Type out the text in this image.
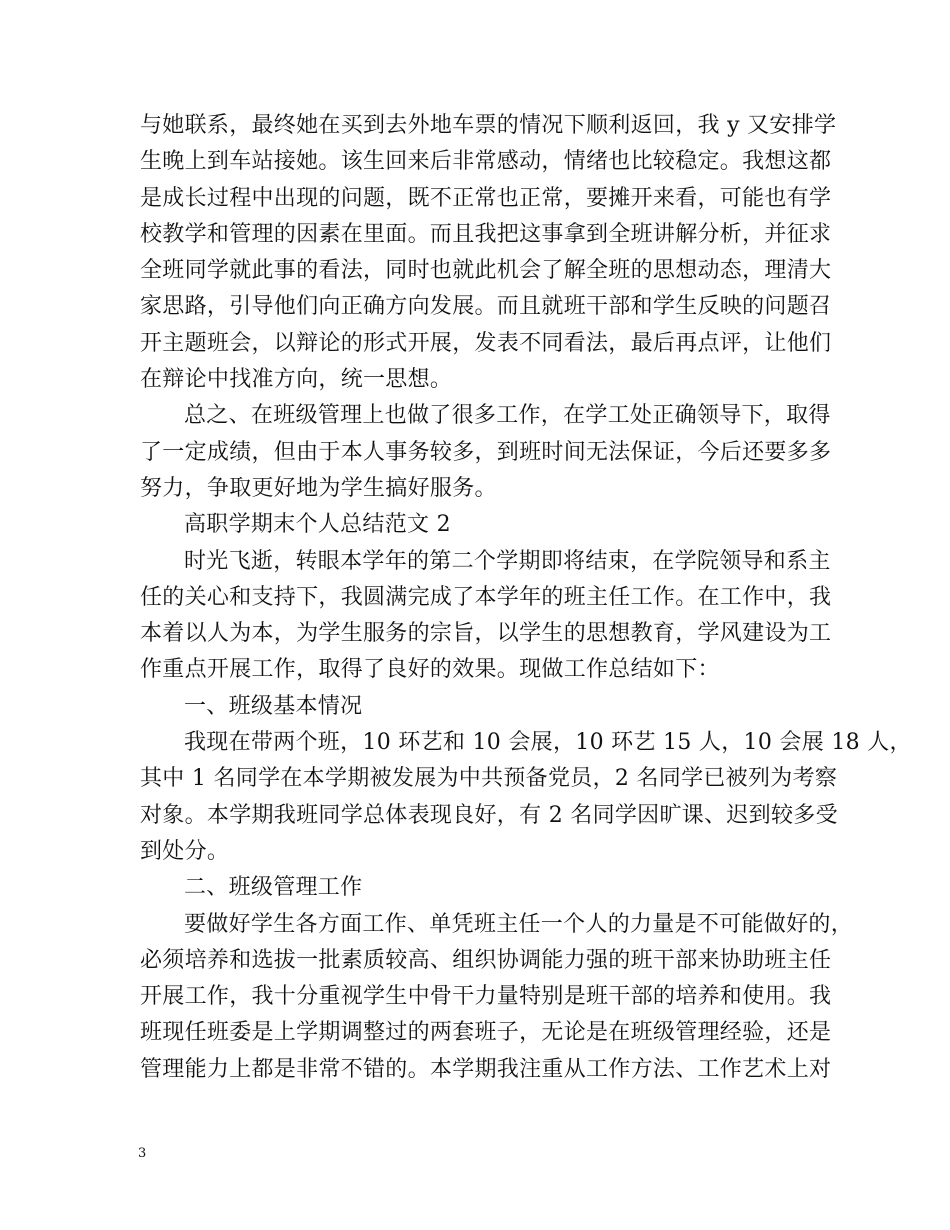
与她联系，最终她在买到去外地车票的情况下顺利返回，我 y 又安排学
生晚上到车站接她。该生回来后非常感动，情绪也比较稳定。我想这都
是成长过程中出现的问题，既不正常也正常，要摊开来看，可能也有学
校教学和管理的因素在里面。而且我把这事拿到全班讲解分析，并征求
全班同学就此事的看法，同时也就此机会了解全班的思想动态，理清大
家思路，引导他们向正确方向发展。而且就班干部和学生反映的问题召
开主题班会，以辩论的形式开展，发表不同看法，最后再点评，让他们
在辩论中找准方向，统一思想。
总之、在班级管理上也做了很多工作，在学工处正确领导下，取得
了一定成绩，但由于本人事务较多，到班时间无法保证，今后还要多多
努力，争取更好地为学生搞好服务。
高职学期末个人总结范文 2
时光飞逝，转眼本学年的第二个学期即将结束，在学院领导和系主
任的关心和支持下，我圆满完成了本学年的班主任工作。在工作中，我
本着以人为本，为学生服务的宗旨，以学生的思想教育，学风建设为工
作重点开展工作，取得了良好的效果。现做工作总结如下：
一、班级基本情况
我现在带两个班，10 环艺和 10 会展，10 环艺 15 人，10 会展 18 人，
其中 1 名同学在本学期被发展为中共预备党员，2 名同学已被列为考察
对象。本学期我班同学总体表现良好，有 2 名同学因旷课、迟到较多受
到处分。
二、班级管理工作
要做好学生各方面工作、单凭班主任一个人的力量是不可能做好的，
必须培养和选拔一批素质较高、组织协调能力强的班干部来协助班主任
开展工作，我十分重视学生中骨干力量特别是班干部的培养和使用。我
班现任班委是上学期调整过的两套班子，无论是在班级管理经验，还是
管理能力上都是非常不错的。本学期我注重从工作方法、工作艺术上对
3
